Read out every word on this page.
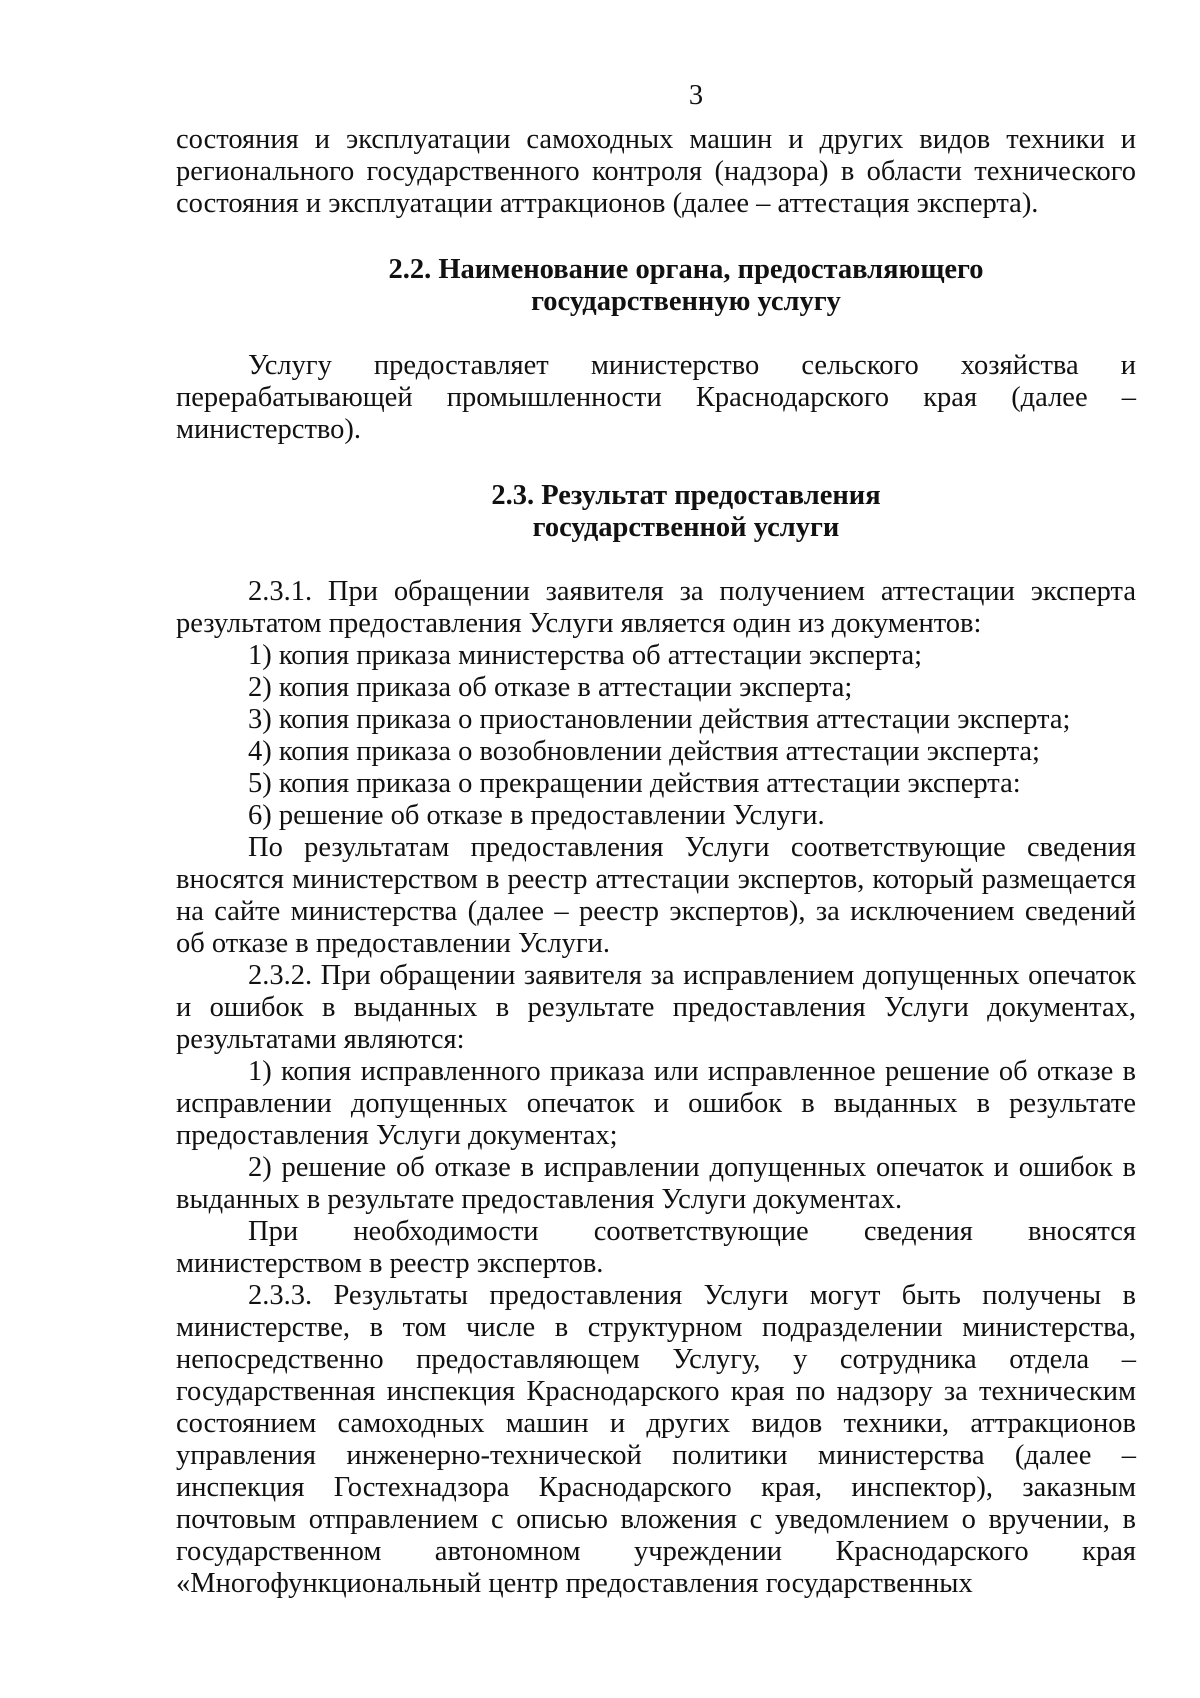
3

состояния и эксплуатации самоходных машин и других видов техники и регионального государственного контроля (надзора) в области технического состояния и эксплуатации аттракционов (далее – аттестация эксперта).

2.2. Наименование органа, предоставляющего

государственную услугу

Услугу предоставляет министерство сельского хозяйства и перерабатывающей промышленности Краснодарского края (далее – министерство).

2.3. Результат предоставления

государственной услуги

2.3.1. При обращении заявителя за получением аттестации эксперта результатом предоставления Услуги является один из документов:

1) копия приказа министерства об аттестации эксперта;

2) копия приказа об отказе в аттестации эксперта;

3) копия приказа о приостановлении действия аттестации эксперта;

4) копия приказа о возобновлении действия аттестации эксперта;

5) копия приказа о прекращении действия аттестации эксперта:

6) решение об отказе в предоставлении Услуги.

По результатам предоставления Услуги соответствующие сведения вносятся министерством в реестр аттестации экспертов, который размещается на сайте министерства (далее – реестр экспертов), за исключением сведений об отказе в предоставлении Услуги.

2.3.2. При обращении заявителя за исправлением допущенных опечаток и ошибок в выданных в результате предоставления Услуги документах, результатами являются:

1) копия исправленного приказа или исправленное решение об отказе в исправлении допущенных опечаток и ошибок в выданных в результате предоставления Услуги документах;

2) решение об отказе в исправлении допущенных опечаток и ошибок в выданных в результате предоставления Услуги документах.

При необходимости соответствующие сведения вносятся министерством в реестр экспертов.

2.3.3. Результаты предоставления Услуги могут быть получены в министерстве, в том числе в структурном подразделении министерства, непосредственно предоставляющем Услугу, у сотрудника отдела – государственная инспекция Краснодарского края по надзору за техническим состоянием самоходных машин и других видов техники, аттракционов управления инженерно-технической политики министерства (далее – инспекция Гостехнадзора Краснодарского края, инспектор), заказным почтовым отправлением с описью вложения с уведомлением о вручении, в государственном автономном учреждении Краснодарского края «Многофункциональный центр предоставления государственных
